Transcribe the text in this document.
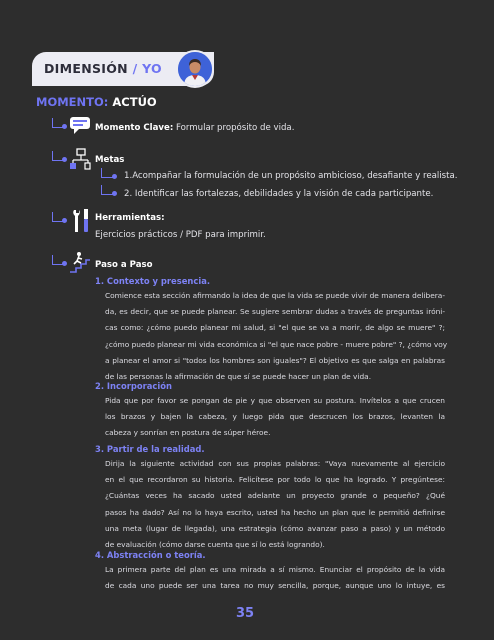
DIMENSIÓN / YO
MOMENTO: ACTÚO
Momento Clave: Formular propósito de vida.
Metas
1.Acompañar la formulación de un propósito ambicioso, desafiante y realista.
2. Identificar las fortalezas, debilidades y la visión de cada participante.
Herramientas:
Ejercicios prácticos / PDF para imprimir.
Paso a Paso
1. Contexto y presencia.
Comience esta sección afirmando la idea de que la vida se puede vivir de manera delibera-
da, es decir, que se puede planear. Se sugiere sembrar dudas a través de preguntas iróni-
cas como: ¿cómo puedo planear mi salud, si "el que se va a morir, de algo se muere" ?;
¿cómo puedo planear mi vida económica si "el que nace pobre - muere pobre" ?, ¿cómo voy
a planear el amor si "todos los hombres son iguales"? El objetivo es que salga en palabras
de las personas la afirmación de que sí se puede hacer un plan de vida.
2. Incorporación
Pida que por favor se pongan de pie y que observen su postura. Invítelos a que crucen
los brazos y bajen la cabeza, y luego pida que descrucen los brazos, levanten la
cabeza y sonrían en postura de súper héroe.
3. Partir de la realidad.
Dirija la siguiente actividad con sus propias palabras: "Vaya nuevamente al ejercicio
en el que recordaron su historia. Felicítese por todo lo que ha logrado. Y pregúntese:
¿Cuántas veces ha sacado usted adelante un proyecto grande o pequeño? ¿Qué
pasos ha dado? Así no lo haya escrito, usted ha hecho un plan que le permitió definirse
una meta (lugar de llegada), una estrategia (cómo avanzar paso a paso) y un método
de evaluación (cómo darse cuenta que sí lo está logrando).
4. Abstracción o teoría.
La primera parte del plan es una mirada a sí mismo. Enunciar el propósito de la vida
de cada uno puede ser una tarea no muy sencilla, porque, aunque uno lo intuye, es
35
